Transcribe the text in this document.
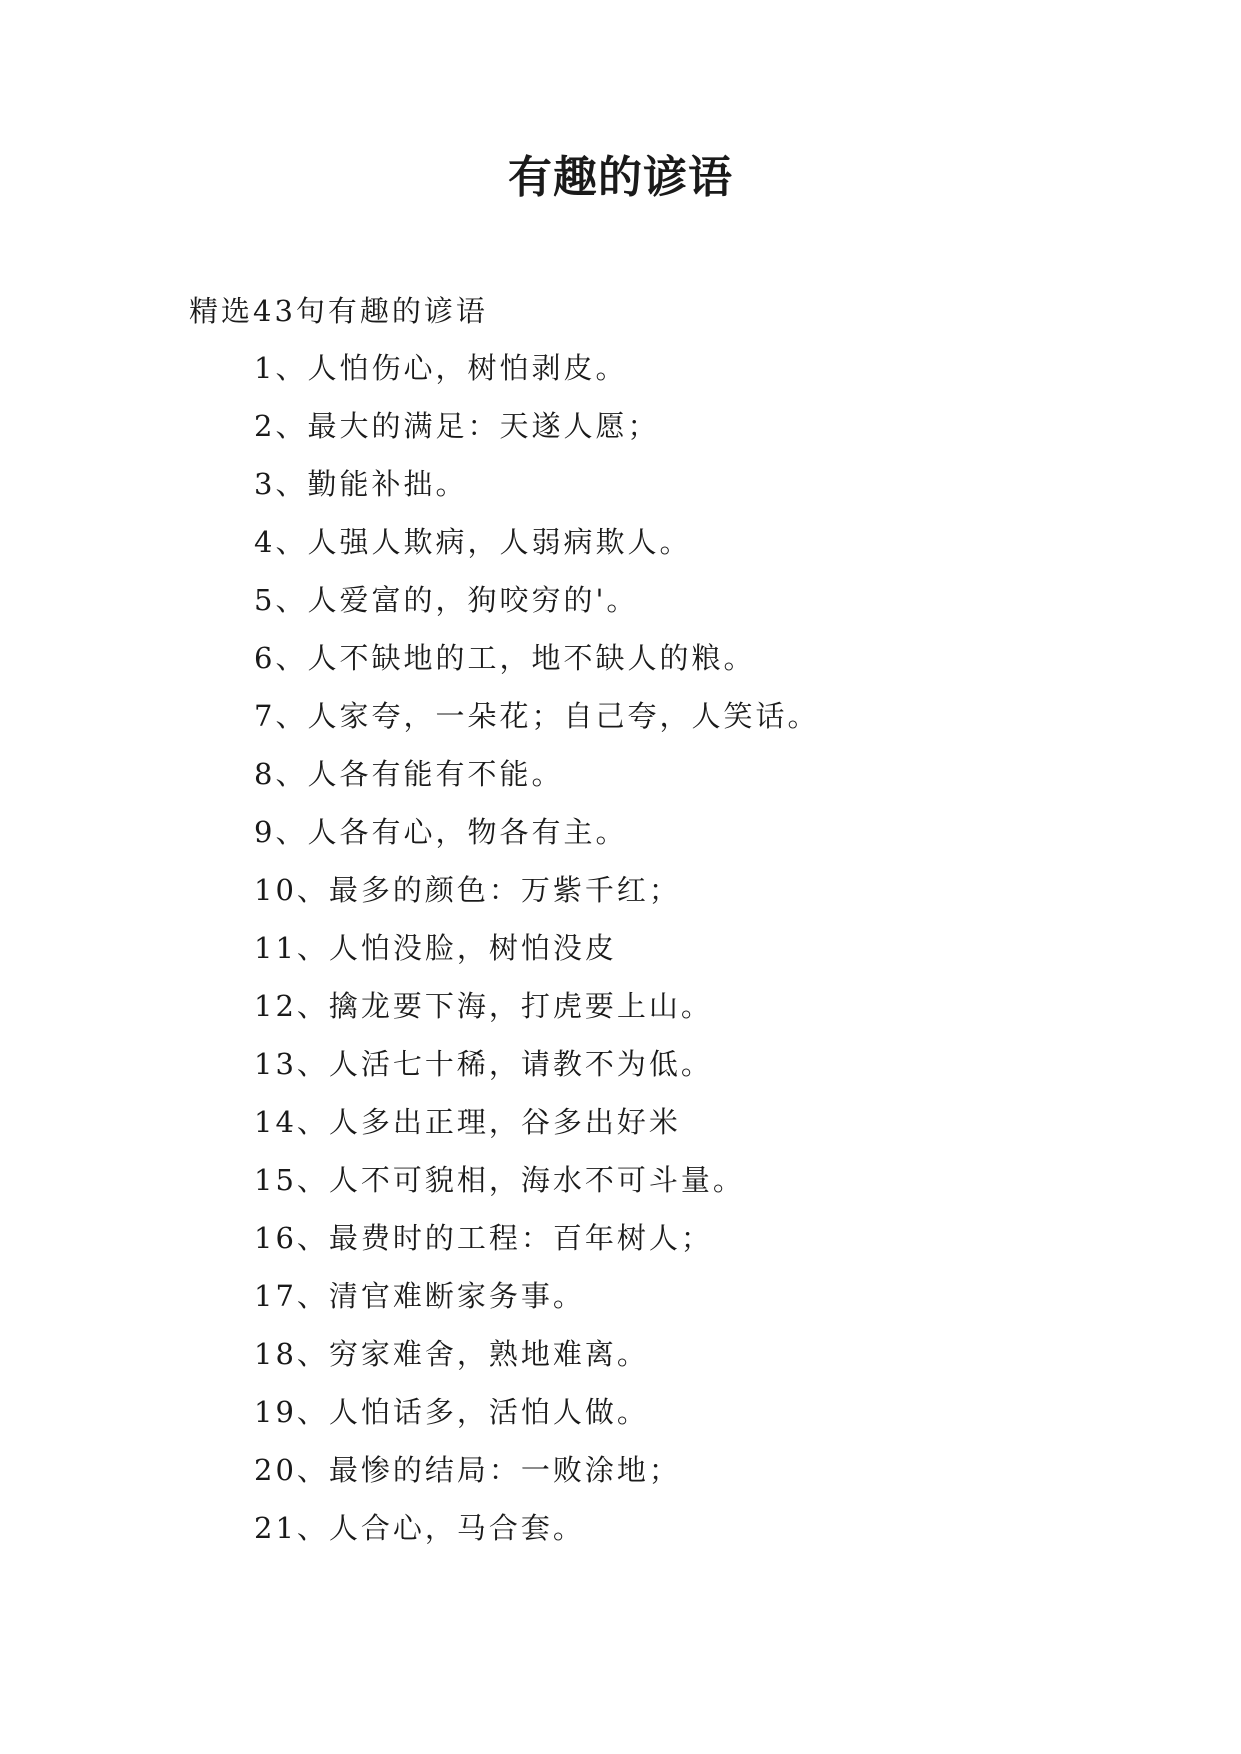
有趣的谚语
精选43句有趣的谚语
1、人怕伤心，树怕剥皮。
2、最大的满足：天遂人愿；
3、勤能补拙。
4、人强人欺病，人弱病欺人。
5、人爱富的，狗咬穷的'。
6、人不缺地的工，地不缺人的粮。
7、人家夸，一朵花；自己夸，人笑话。
8、人各有能有不能。
9、人各有心，物各有主。
10、最多的颜色：万紫千红；
11、人怕没脸，树怕没皮
12、擒龙要下海，打虎要上山。
13、人活七十稀，请教不为低。
14、人多出正理，谷多出好米
15、人不可貌相，海水不可斗量。
16、最费时的工程：百年树人；
17、清官难断家务事。
18、穷家难舍，熟地难离。
19、人怕话多，活怕人做。
20、最惨的结局：一败涂地；
21、人合心，马合套。
